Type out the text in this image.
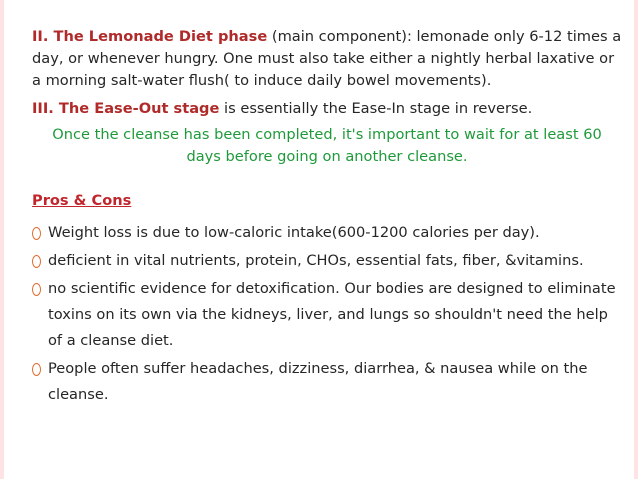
II. The Lemonade Diet phase (main component): lemonade only 6-12 times a day, or whenever hungry. One must also take either a nightly herbal laxative or a morning salt-water flush( to induce daily bowel movements).

III. The Ease-Out stage is essentially the Ease-In stage in reverse.

Once the cleanse has been completed, it's important to wait for at least 60 days before going on another cleanse.

Pros & Cons

Weight loss is due to low-caloric intake(600-1200 calories per day).
deficient in vital nutrients, protein, CHOs, essential fats, fiber, &vitamins.
no scientific evidence for detoxification. Our bodies are designed to eliminate toxins on its own via the kidneys, liver, and lungs so shouldn't need the help of a cleanse diet.
People often suffer headaches, dizziness, diarrhea, & nausea while on the cleanse.
